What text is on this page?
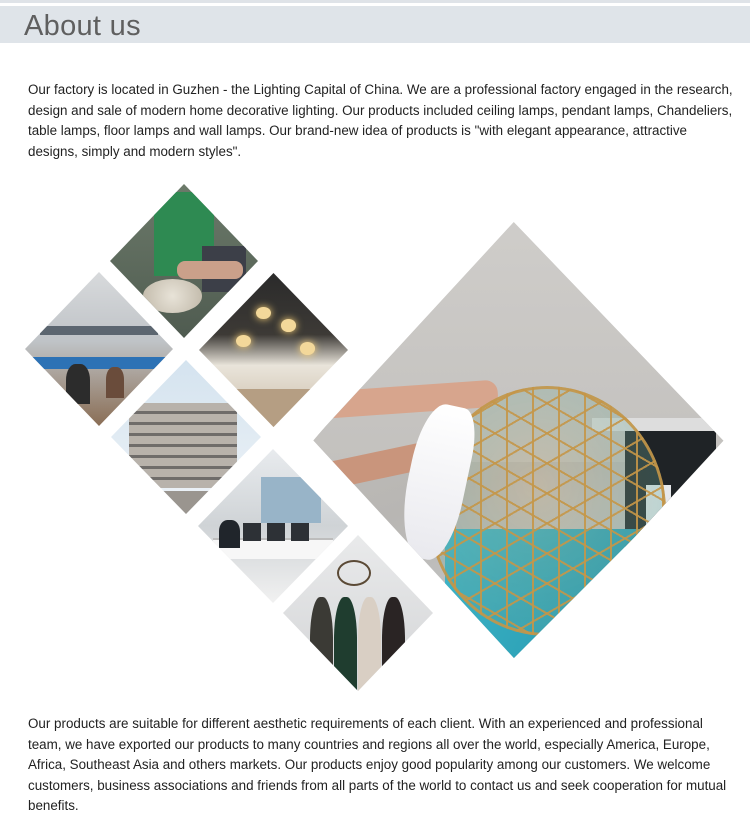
About us

Our factory is located in Guzhen - the Lighting Capital of China. We are a professional factory engaged in the research, design and sale of modern home decorative lighting. Our products included ceiling lamps, pendant lamps, Chandeliers, table lamps, floor lamps and wall lamps. Our brand-new idea of products is "with elegant appearance, attractive designs, simply and modern styles".

Our products are suitable for different aesthetic requirements of each client. With an experienced and professional team, we have exported our products to many countries and regions all over the world, especially America, Europe, Africa, Southeast Asia and others markets. Our products enjoy good popularity among our customers. We welcome customers, business associations and friends from all parts of the world to contact us and seek cooperation for mutual benefits.
